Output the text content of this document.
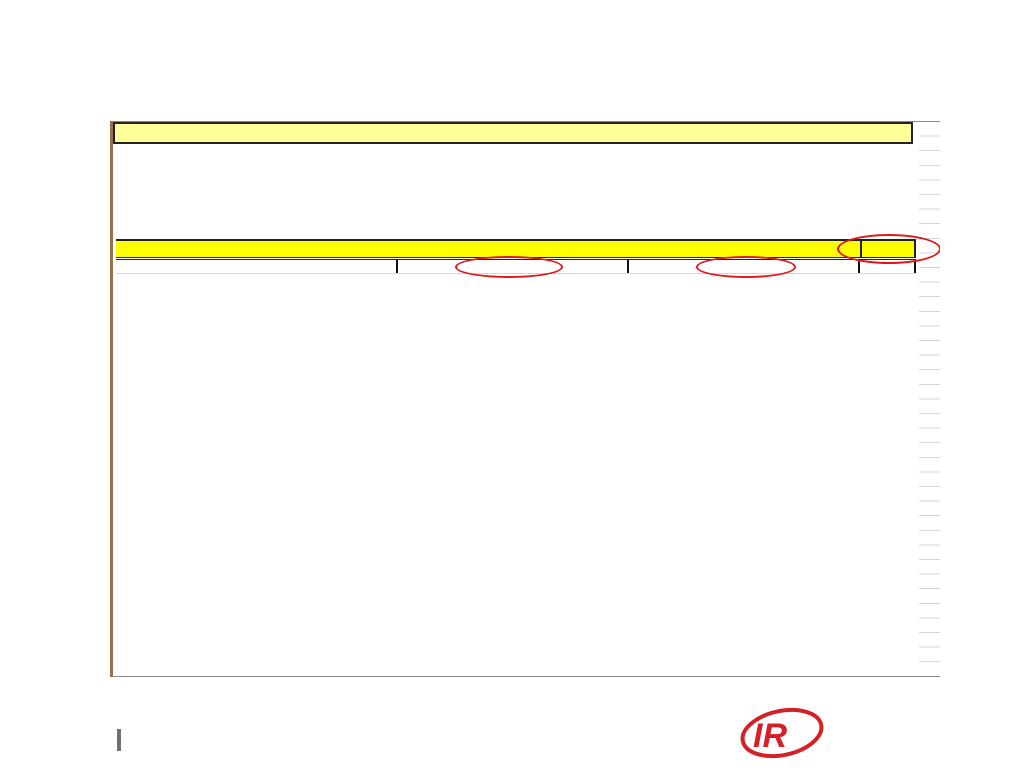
IR
